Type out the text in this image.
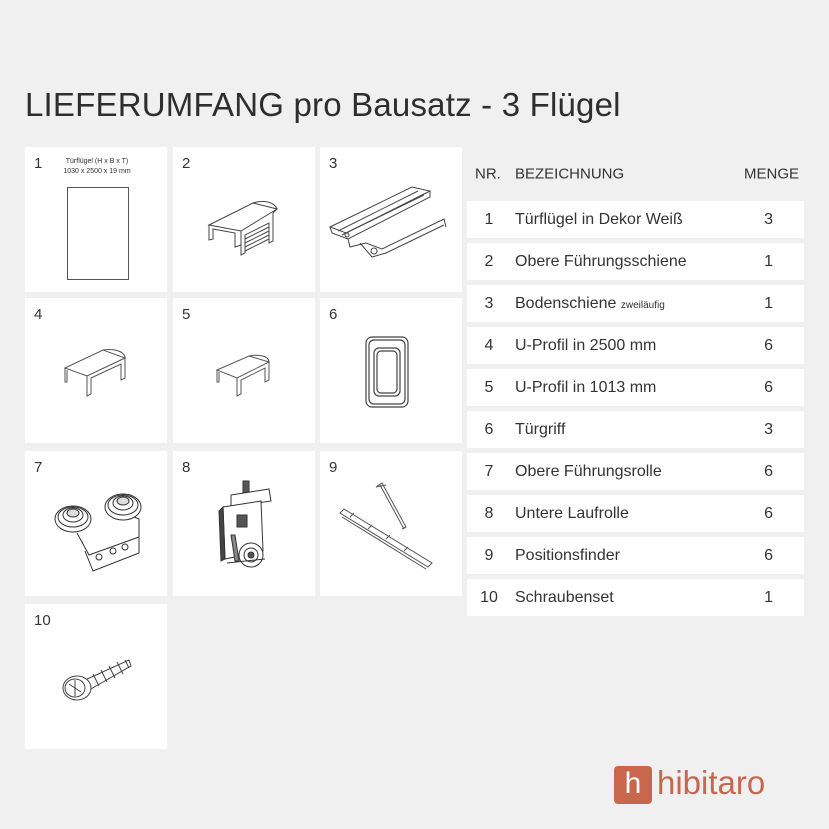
LIEFERUMFANG pro Bausatz - 3 Flügel
1	Türflügel (H x B x T)
1030 x 2500 x 19 mm	2	3
4	5	6
7	8	9
10
NR. BEZEICHNUNG	MENGE
1	Türflügel in Dekor Weiß	3
2	Obere Führungsschiene	1
3	Bodenschiene zweiläufig	1
4	U-Profil in 2500 mm	6
5	U-Profil in 1013 mm	6
6	Türgriff	3
7	Obere Führungsrolle	6
8	Untere Laufrolle	6
9	Positionsfinder	6
10	Schraubenset	1
h hibitaro
